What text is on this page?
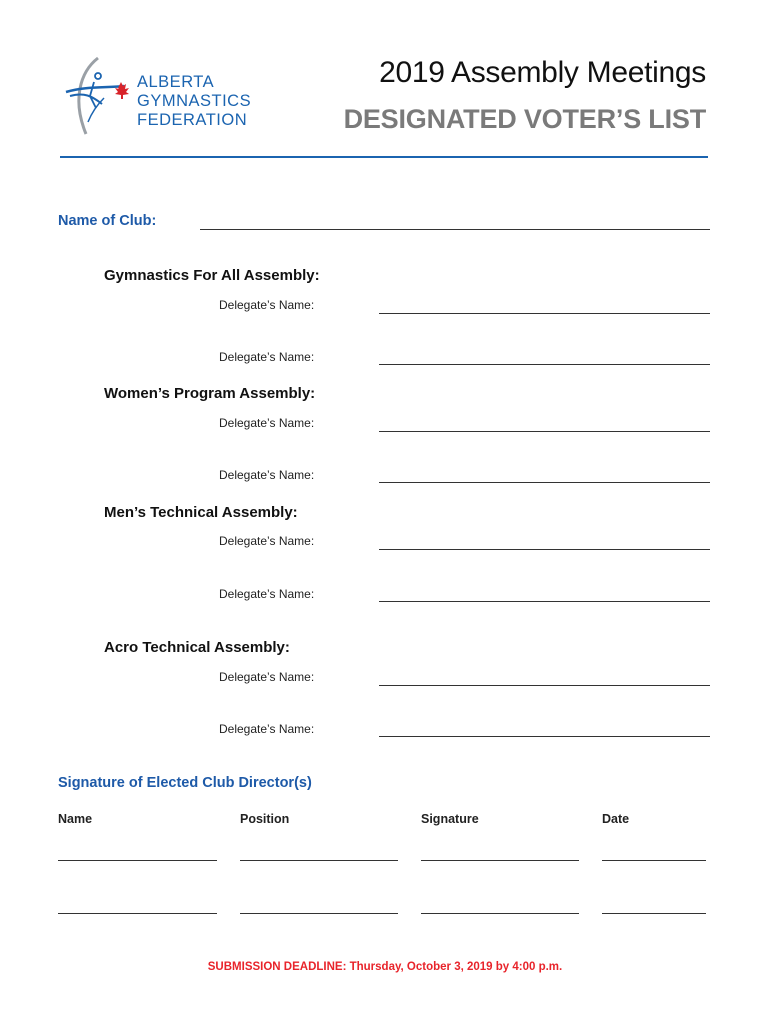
ALBERTA
GYMNASTICS
FEDERATION
2019 Assembly Meetings
DESIGNATED VOTER’S LIST
Name of Club:
Gymnastics For All Assembly:
Delegate’s Name:
Delegate’s Name:
Women’s Program Assembly:
Delegate’s Name:
Delegate’s Name:
Men’s Technical Assembly:
Delegate’s Name:
Delegate’s Name:
Acro Technical Assembly:
Delegate’s Name:
Delegate’s Name:
Signature of Elected Club Director(s)
Name	Position	Signature	Date
SUBMISSION DEADLINE: Thursday, October 3, 2019 by 4:00 p.m.
